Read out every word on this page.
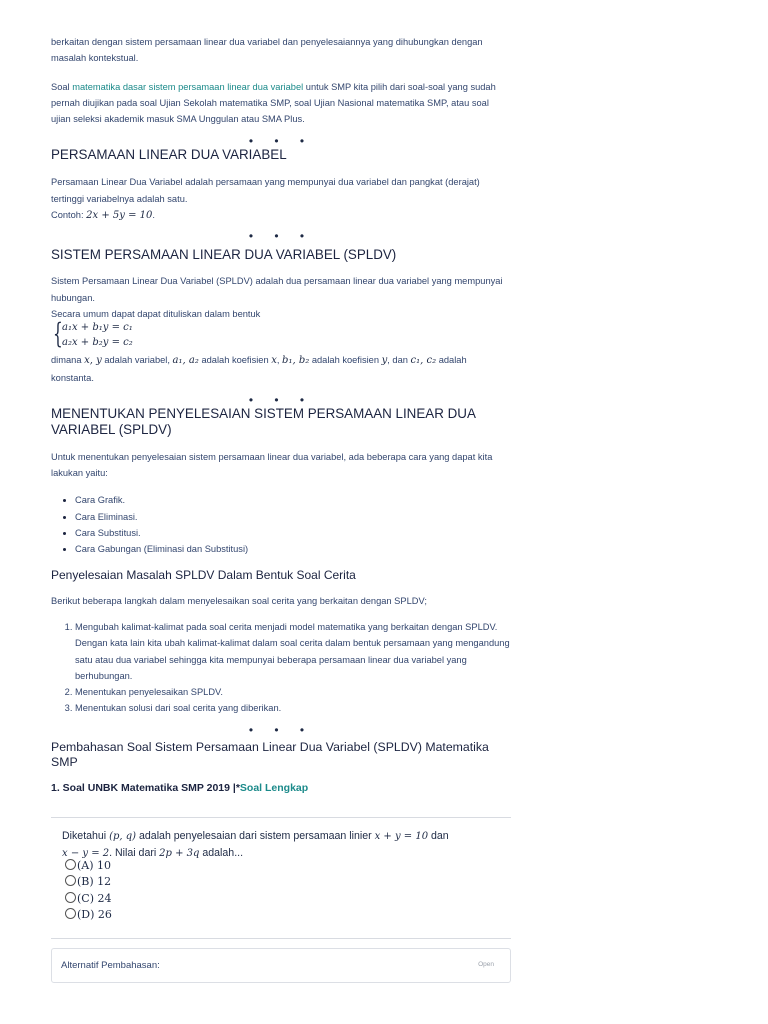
berkaitan dengan sistem persamaan linear dua variabel dan penyelesaiannya yang dihubungkan dengan masalah kontekstual.

Soal matematika dasar sistem persamaan linear dua variabel untuk SMP kita pilih dari soal-soal yang sudah pernah diujikan pada soal Ujian Sekolah matematika SMP, soal Ujian Nasional matematika SMP, atau soal ujian seleksi akademik masuk SMA Unggulan atau SMA Plus.

• • •
PERSAMAAN LINEAR DUA VARIABEL

Persamaan Linear Dua Variabel adalah persamaan yang mempunyai dua variabel dan pangkat (derajat) tertinggi variabelnya adalah satu.

Contoh: 2x + 5y = 10.

• • •
SISTEM PERSAMAAN LINEAR DUA VARIABEL (SPLDV)

Sistem Persamaan Linear Dua Variabel (SPLDV) adalah dua persamaan linear dua variabel yang mempunyai hubungan.

Secara umum dapat dapat dituliskan dalam bentuk

{ a₁x + b₁y = c₁
a₂x + b₂y = c₂

dimana x, y adalah variabel, a₁, a₂ adalah koefisien x, b₁, b₂ adalah koefisien y, dan c₁, c₂ adalah konstanta.

• • •
MENENTUKAN PENYELESAIAN SISTEM PERSAMAAN LINEAR DUA VARIABEL (SPLDV)

Untuk menentukan penyelesaian sistem persamaan linear dua variabel, ada beberapa cara yang dapat kita lakukan yaitu:

• Cara Grafik.
• Cara Eliminasi.
• Cara Substitusi.
• Cara Gabungan (Eliminasi dan Substitusi)
Penyelesaian Masalah SPLDV Dalam Bentuk Soal Cerita

Berikut beberapa langkah dalam menyelesaikan soal cerita yang berkaitan dengan SPLDV;

1. Mengubah kalimat-kalimat pada soal cerita menjadi model matematika yang berkaitan dengan SPLDV. Dengan kata lain kita ubah kalimat-kalimat dalam soal cerita dalam bentuk persamaan yang mengandung satu atau dua variabel sehingga kita mempunyai beberapa persamaan linear dua variabel yang berhubungan.
2. Menentukan penyelesaikan SPLDV.
3. Menentukan solusi dari soal cerita yang diberikan.
• • •
Pembahasan Soal Sistem Persamaan Linear Dua Variabel (SPLDV) Matematika SMP
1. Soal UNBK Matematika SMP 2019 |*Soal Lengkap
Diketahui (p, q) adalah penyelesaian dari sistem persamaan linier x + y = 10 dan
x − y = 2. Nilai dari 2p + 3q adalah...
(A) 10
(B) 12
(C) 24
(D) 26
Alternatif Pembahasan:	Open
